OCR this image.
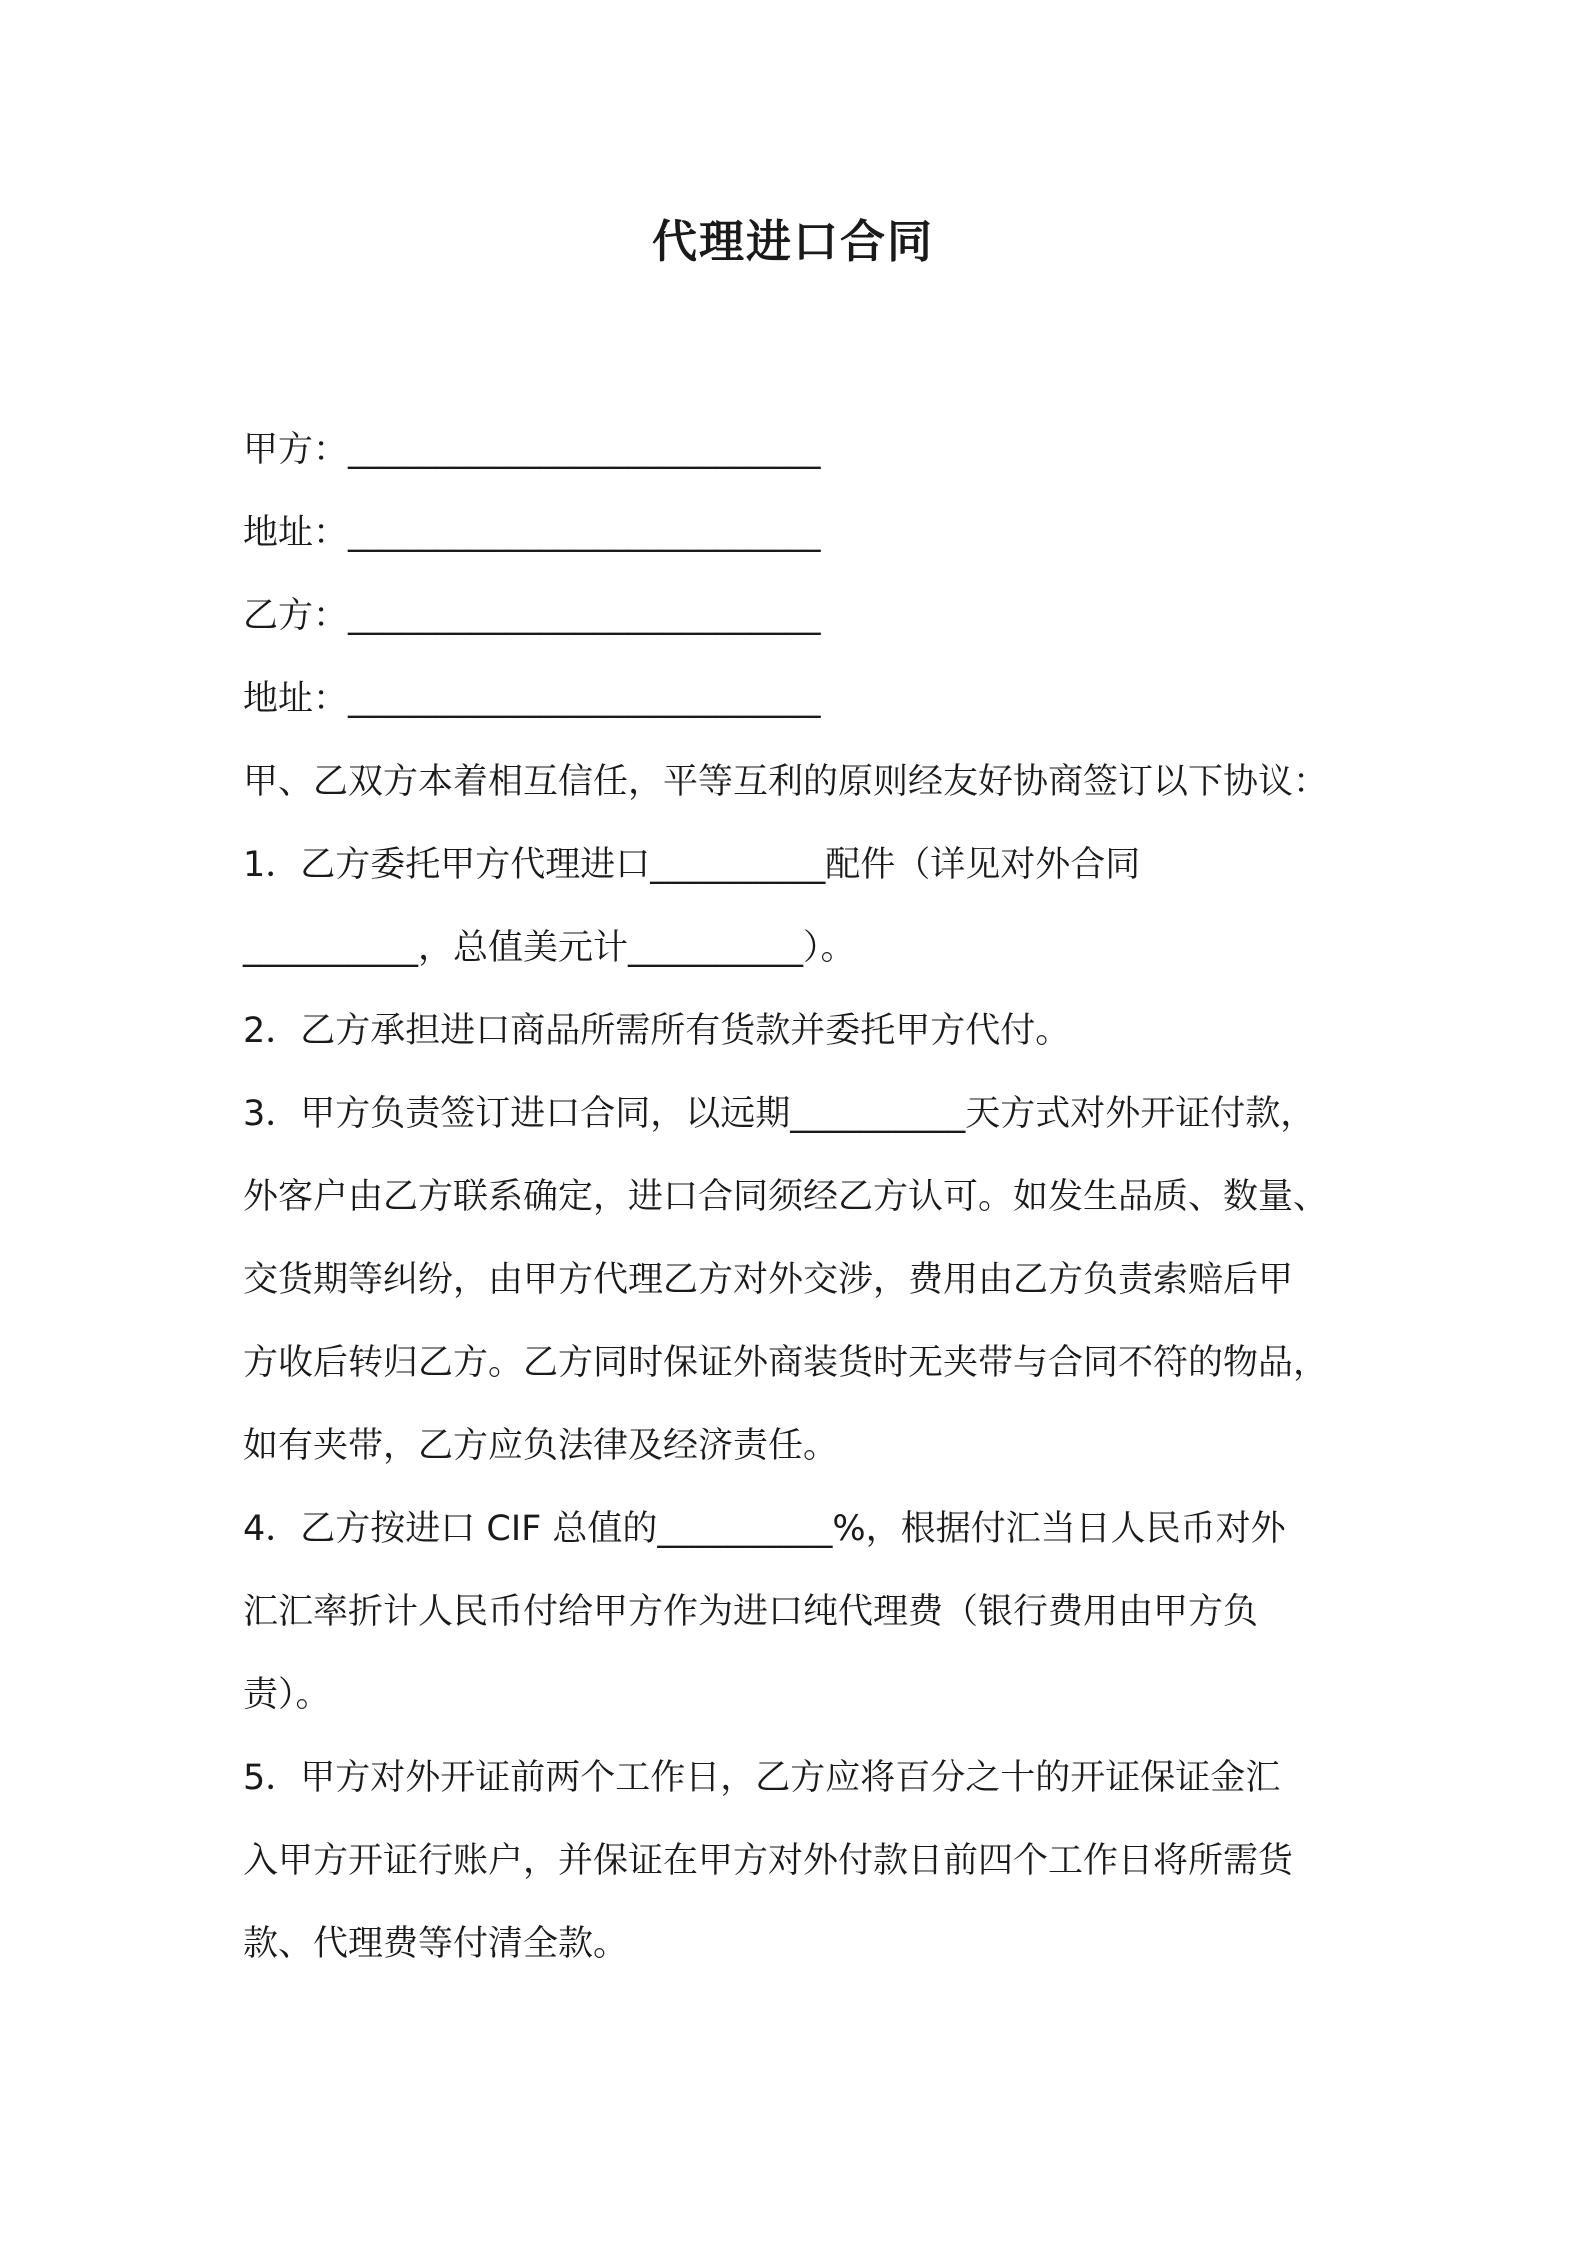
代理进口合同
甲方：___________________________
地址：___________________________
乙方：___________________________
地址：___________________________
甲、乙双方本着相互信任，平等互利的原则经友好协商签订以下协议：
1．乙方委托甲方代理进口__________配件（详见对外合同
__________，总值美元计__________）。
2．乙方承担进口商品所需所有货款并委托甲方代付。
3．甲方负责签订进口合同，以远期__________天方式对外开证付款，
外客户由乙方联系确定，进口合同须经乙方认可。如发生品质、数量、
交货期等纠纷，由甲方代理乙方对外交涉，费用由乙方负责索赔后甲
方收后转归乙方。乙方同时保证外商装货时无夹带与合同不符的物品，
如有夹带，乙方应负法律及经济责任。
4．乙方按进口 CIF 总值的__________%，根据付汇当日人民币对外
汇汇率折计人民币付给甲方作为进口纯代理费（银行费用由甲方负
责）。
5．甲方对外开证前两个工作日，乙方应将百分之十的开证保证金汇
入甲方开证行账户，并保证在甲方对外付款日前四个工作日将所需货
款、代理费等付清全款。
